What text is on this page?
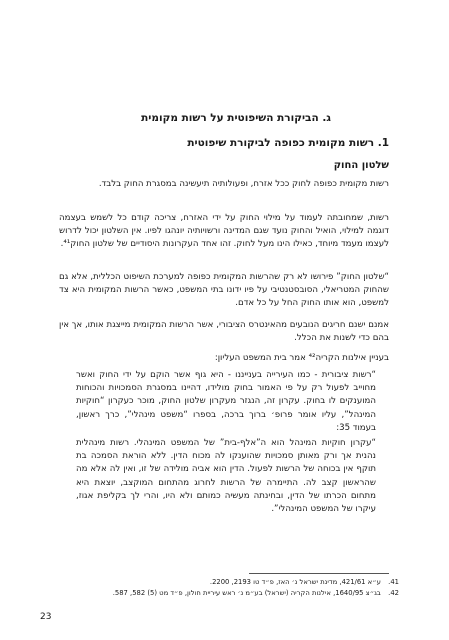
ג. הביקורת השיפוטית על רשות מקומית
1. רשות מקומית כפופה לביקורת שיפוטית
שלטון החוק
רשות מקומית כפופה לחוק ככל אזרח, ופעולותיה תיעשינה במסגרת החוק בלבד.
רשות, שמחובתה לעמוד על מילוי החוק על ידי האזרח, צריכה קודם כל לשמש בעצמה דוגמה למילוי, הואיל והחוק נועד שגם המדינה ורשויותיה יונהגו לפיו. אין השלטון יכול לדרוש לעצמו מעמד מיוחד, כאילו הינו מעל לחוק. זהו אחד העקרונות היסודיים של שלטון החוק⁴¹.
“שלטון החוק” פירושו לא רק שהרשות המקומית כפופה למערכת השיפוט הכללית, אלא גם שהחוק המטריאלי, הסובסטנטיבי על פיו ידונו בתי המשפט, כאשר הרשות המקומית היא צד למשפט, הוא אותו החוק החל על כל אדם.
אמנם ישנם חריגים הנובעים מהאינטרס הציבורי, אשר הרשות המקומית מייצגת אותו, אך אין בהם כדי לשנות את הכלל.
בעניין אילנות הקריה⁴² אמר בית המשפט העליון:
“רשות ציבורית - כמו העירייה בענייננו - היא גוף אשר הוקם על ידי החוק ואשר מחוייב לפעול רק על פי האמור בחוק מולידו, דהיינו במסגרת הסמכויות והכוחות המוענקים לו בחוק. עקרון זה, הנגזר מעקרון שלטון החוק, מוכר כעקרון “חוקיות המינהל”, עליו אומר פרופ׳ ברוך ברכה, בספרו “משפט מינהלי”, כרך ראשון, בעמוד 35:
“עקרון חוקיות המינהל הוא ה”אלף-בית” של המשפט המינהלי. רשות מינהלית נהנית אך ורק מאותן סמכויות שהוענקו לה מכוח הדין. ללא הוראת הסמכה בת תוקף אין בכוחה של הרשות לפעול. הדין הוא אביה מולידה של זו, ואין לה אלא מה שהראשון קצב לה. התיימרה של הרשות לחרוג מהתחום המוקצב, יוצאת היא מתחום הכרתו של הדין, ובחינתה מעשיה כמותם ולא היו, והרי לך בקליפת אגוז, עיקרו של המשפט המינהלי”.
41. ע״א 421/61, מדינת ישראל נ׳ האז, פ״ד טו 2193, 2200.
42. בג״צ 1640/95, אילנות הקריה (ישראל) בע״מ נ׳ ראש עיריית חולון, פ״ד מט (5) 582, 587.
23
